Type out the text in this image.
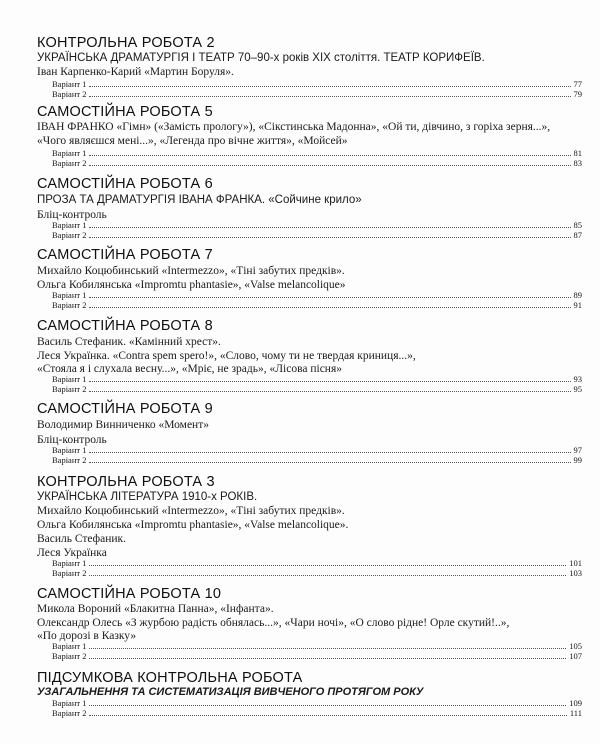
КОНТРОЛЬНА РОБОТА 2
УКРАЇНСЬКА ДРАМАТУРГІЯ І ТЕАТР 70–90-х років XIX століття. ТЕАТР КОРИФЕЇВ.
Іван Карпенко-Карий «Мартин Боруля».
Варіант 1	77
Варіант 2	79
САМОСТІЙНА РОБОТА 5
ІВАН ФРАНКО «Гімн» («Замість прологу»), «Сікстинська Мадонна», «Ой ти, дівчино, з горіха зерня...»,
«Чого являєшся мені...», «Легенда про вічне життя», «Мойсей»
Варіант 1	81
Варіант 2	83
САМОСТІЙНА РОБОТА 6
ПРОЗА ТА ДРАМАТУРГІЯ ІВАНА ФРАНКА. «Сойчине крило»
Бліц-контроль
Варіант 1	85
Варіант 2	87
САМОСТІЙНА РОБОТА 7
Михайло Коцюбинський «Intermezzo», «Тіні забутих предків».
Ольга Кобилянська «Impromtu phantasie», «Valse melancolique»
Варіант 1	89
Варіант 2	91
САМОСТІЙНА РОБОТА 8
Василь Стефаник. «Камінний хрест».
Леся Українка. «Contra spem spero!», «Слово, чому ти не твердая криниця...»,
«Стояла я і слухала весну...», «Мріє, не зрадь», «Лісова пісня»
Варіант 1	93
Варіант 2	95
САМОСТІЙНА РОБОТА 9
Володимир Винниченко «Момент»
Бліц-контроль
Варіант 1	97
Варіант 2	99
КОНТРОЛЬНА РОБОТА 3
УКРАЇНСЬКА ЛІТЕРАТУРА 1910-х РОКІВ.
Михайло Коцюбинський «Intermezzo», «Тіні забутих предків».
Ольга Кобилянська «Impromtu phantasie», «Valse melancolique».
Василь Стефаник.
Леся Українка
Варіант 1	101
Варіант 2	103
САМОСТІЙНА РОБОТА 10
Микола Вороний «Блакитна Панна», «Інфанта».
Олександр Олесь «З журбою радість обнялась...», «Чари ночі», «О слово рідне! Орле скутий!..»,
«По дорозі в Казку»
Варіант 1	105
Варіант 2	107
ПІДСУМКОВА КОНТРОЛЬНА РОБОТА
УЗАГАЛЬНЕННЯ ТА СИСТЕМАТИЗАЦІЯ ВИВЧЕНОГО ПРОТЯГОМ РОКУ
Варіант 1	109
Варіант 2	111
